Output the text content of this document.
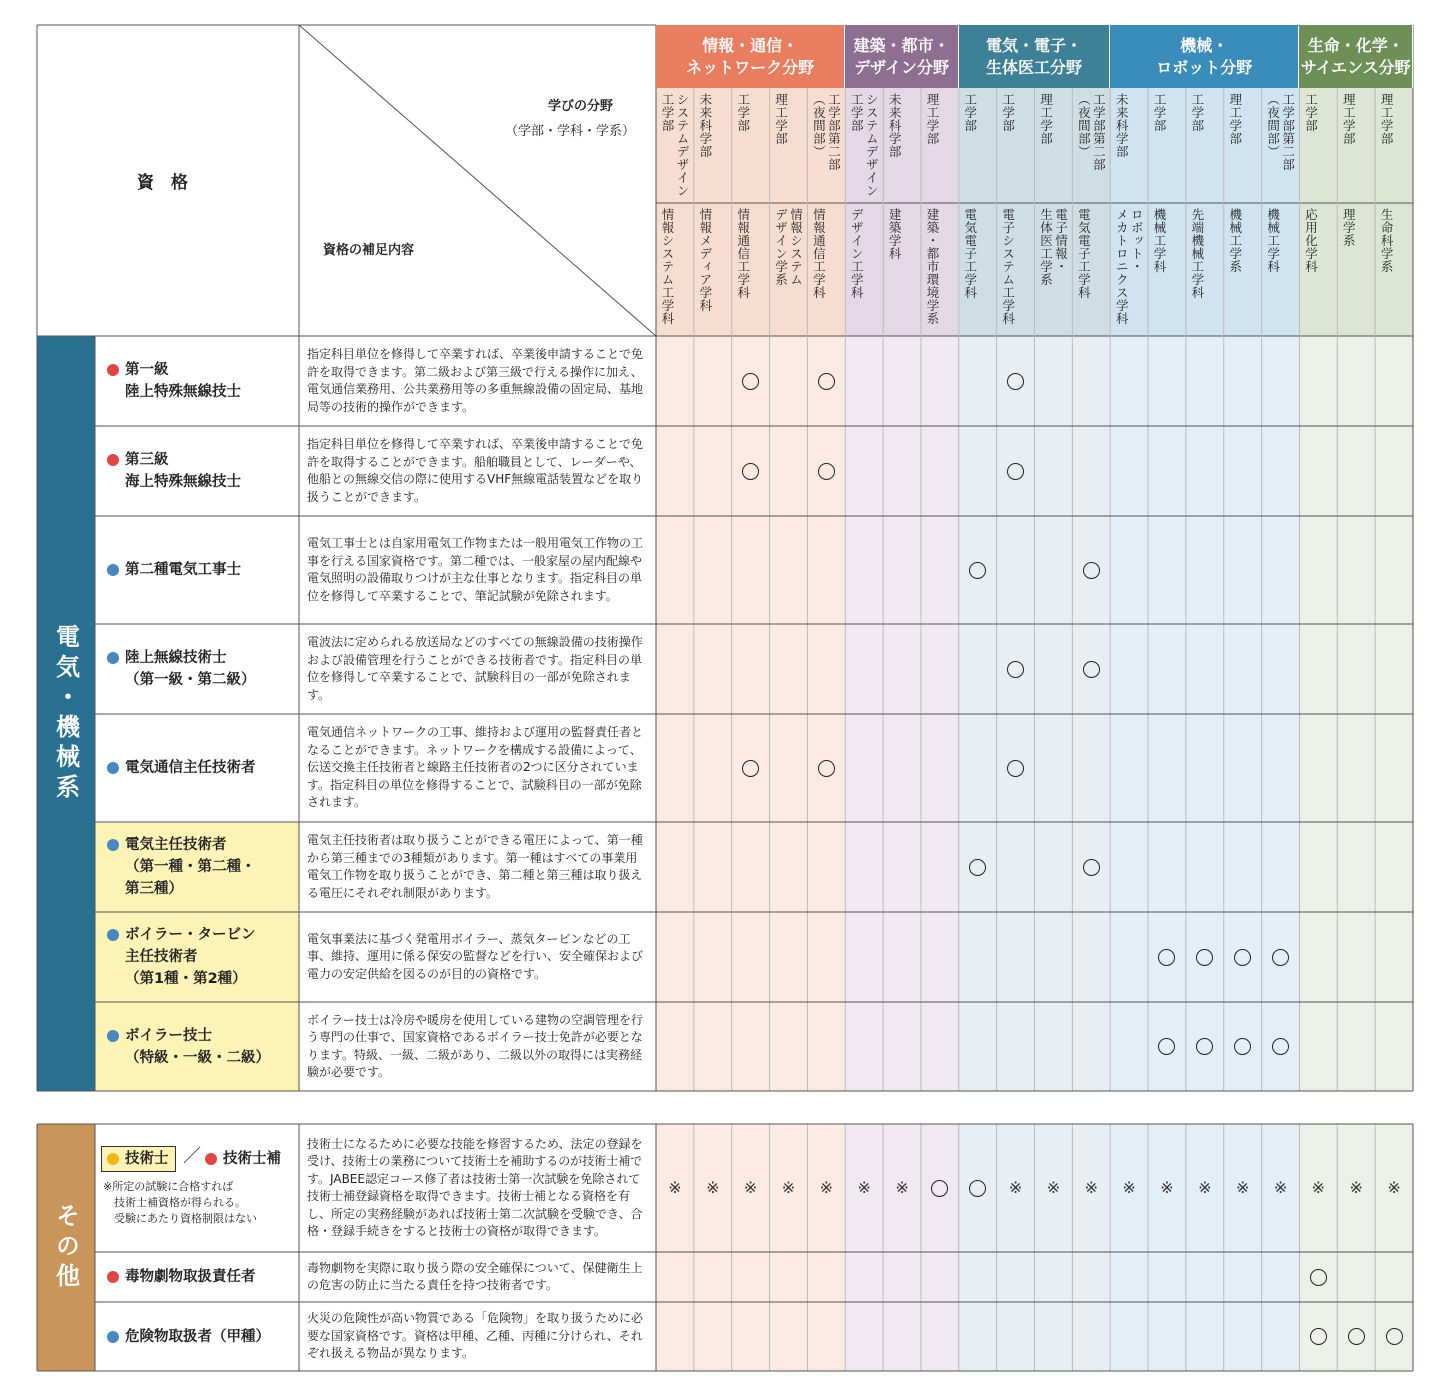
資　格
学びの分野
（学部・学科・学系）
資格の補足内容
情報・通信・
ネットワーク分野
建築・都市・
デザイン分野
電気・電子・
生体医工分野
機械・
ロボット分野
生命・化学・
サイエンス分野
システムデザイン
工学部
情報システム工学科
未来科学部
情報メディア学科
工学部
情報通信工学科
理工学部
情報システム
デザイン学系
工学部第二部
（夜間部）
情報通信工学科
システムデザイン
工学部
デザイン工学科
未来科学部
建築学科
理工学部
建築・都市環境学系
工学部
電気電子工学科
工学部
電子システム工学科
理工学部
電子情報・
生体医工学系
工学部第二部
（夜間部）
電気電子工学科
未来科学部
ロボット・
メカトロニクス学科
工学部
機械工学科
工学部
先端機械工学科
理工学部
機械工学系
工学部第二部
（夜間部）
機械工学科
工学部
応用化学科
理工学部
理学系
理工学部
生命科学系
電気・機械系
その他
第一級
陸上特殊無線技士
指定科目単位を修得して卒業すれば、卒業後申請することで免許を取得できます。第二級および第三級で行える操作に加え、電気通信業務用、公共業務用等の多重無線設備の固定局、基地局等の技術的操作ができます。
第三級
海上特殊無線技士
指定科目単位を修得して卒業すれば、卒業後申請することで免許を取得することができます。船舶職員として、レーダーや、他船との無線交信の際に使用するVHF無線電話装置などを取り扱うことができます。
第二種電気工事士
電気工事士とは自家用電気工作物または一般用電気工作物の工事を行える国家資格です。第二種では、一般家屋の屋内配線や電気照明の設備取りつけが主な仕事となります。指定科目の単位を修得して卒業することで、筆記試験が免除されます。
陸上無線技術士
（第一級・第二級）
電波法に定められる放送局などのすべての無線設備の技術操作および設備管理を行うことができる技術者です。指定科目の単位を修得して卒業することで、試験科目の一部が免除されます。
電気通信主任技術者
電気通信ネットワークの工事、維持および運用の監督責任者となることができます。ネットワークを構成する設備によって、伝送交換主任技術者と線路主任技術者の2つに区分されています。指定科目の単位を修得することで、試験科目の一部が免除されます。
電気主任技術者
（第一種・第二種・
第三種）
電気主任技術者は取り扱うことができる電圧によって、第一種から第三種までの3種類があります。第一種はすべての事業用電気工作物を取り扱うことができ、第二種と第三種は取り扱える電圧にそれぞれ制限があります。
ボイラー・タービン
主任技術者
（第1種・第2種）
電気事業法に基づく発電用ボイラー、蒸気タービンなどの工事、維持、運用に係る保安の監督などを行い、安全確保および電力の安定供給を図るのが目的の資格です。
ボイラー技士
（特級・一級・二級）
ボイラー技士は冷房や暖房を使用している建物の空調管理を行う専門の仕事で、国家資格であるボイラー技士免許が必要となります。特級、一級、二級があり、二級以外の取得には実務経験が必要です。
技術士 ／ 技術士補
※所定の試験に合格すれば
　技術士補資格が得られる。
　受験にあたり資格制限はない
技術士になるために必要な技能を修習するため、法定の登録を受け、技術士の業務について技術士を補助するのが技術士補です。JABEE認定コース修了者は技術士第一次試験を免除されて技術士補登録資格を取得できます。技術士補となる資格を有し、所定の実務経験があれば技術士第二次試験を受験でき、合格・登録手続きをすると技術士の資格が取得できます。
※ ※ ※ ※ ※ ※ ※	※ ※ ※ ※ ※ ※ ※ ※ ※ ※ ※
毒物劇物取扱責任者
毒物劇物を実際に取り扱う際の安全確保について、保健衛生上の危害の防止に当たる責任を持つ技術者です。
危険物取扱者（甲種）
火災の危険性が高い物質である「危険物」を取り扱うために必要な国家資格です。資格は甲種、乙種、丙種に分けられ、それぞれ扱える物品が異なります。
